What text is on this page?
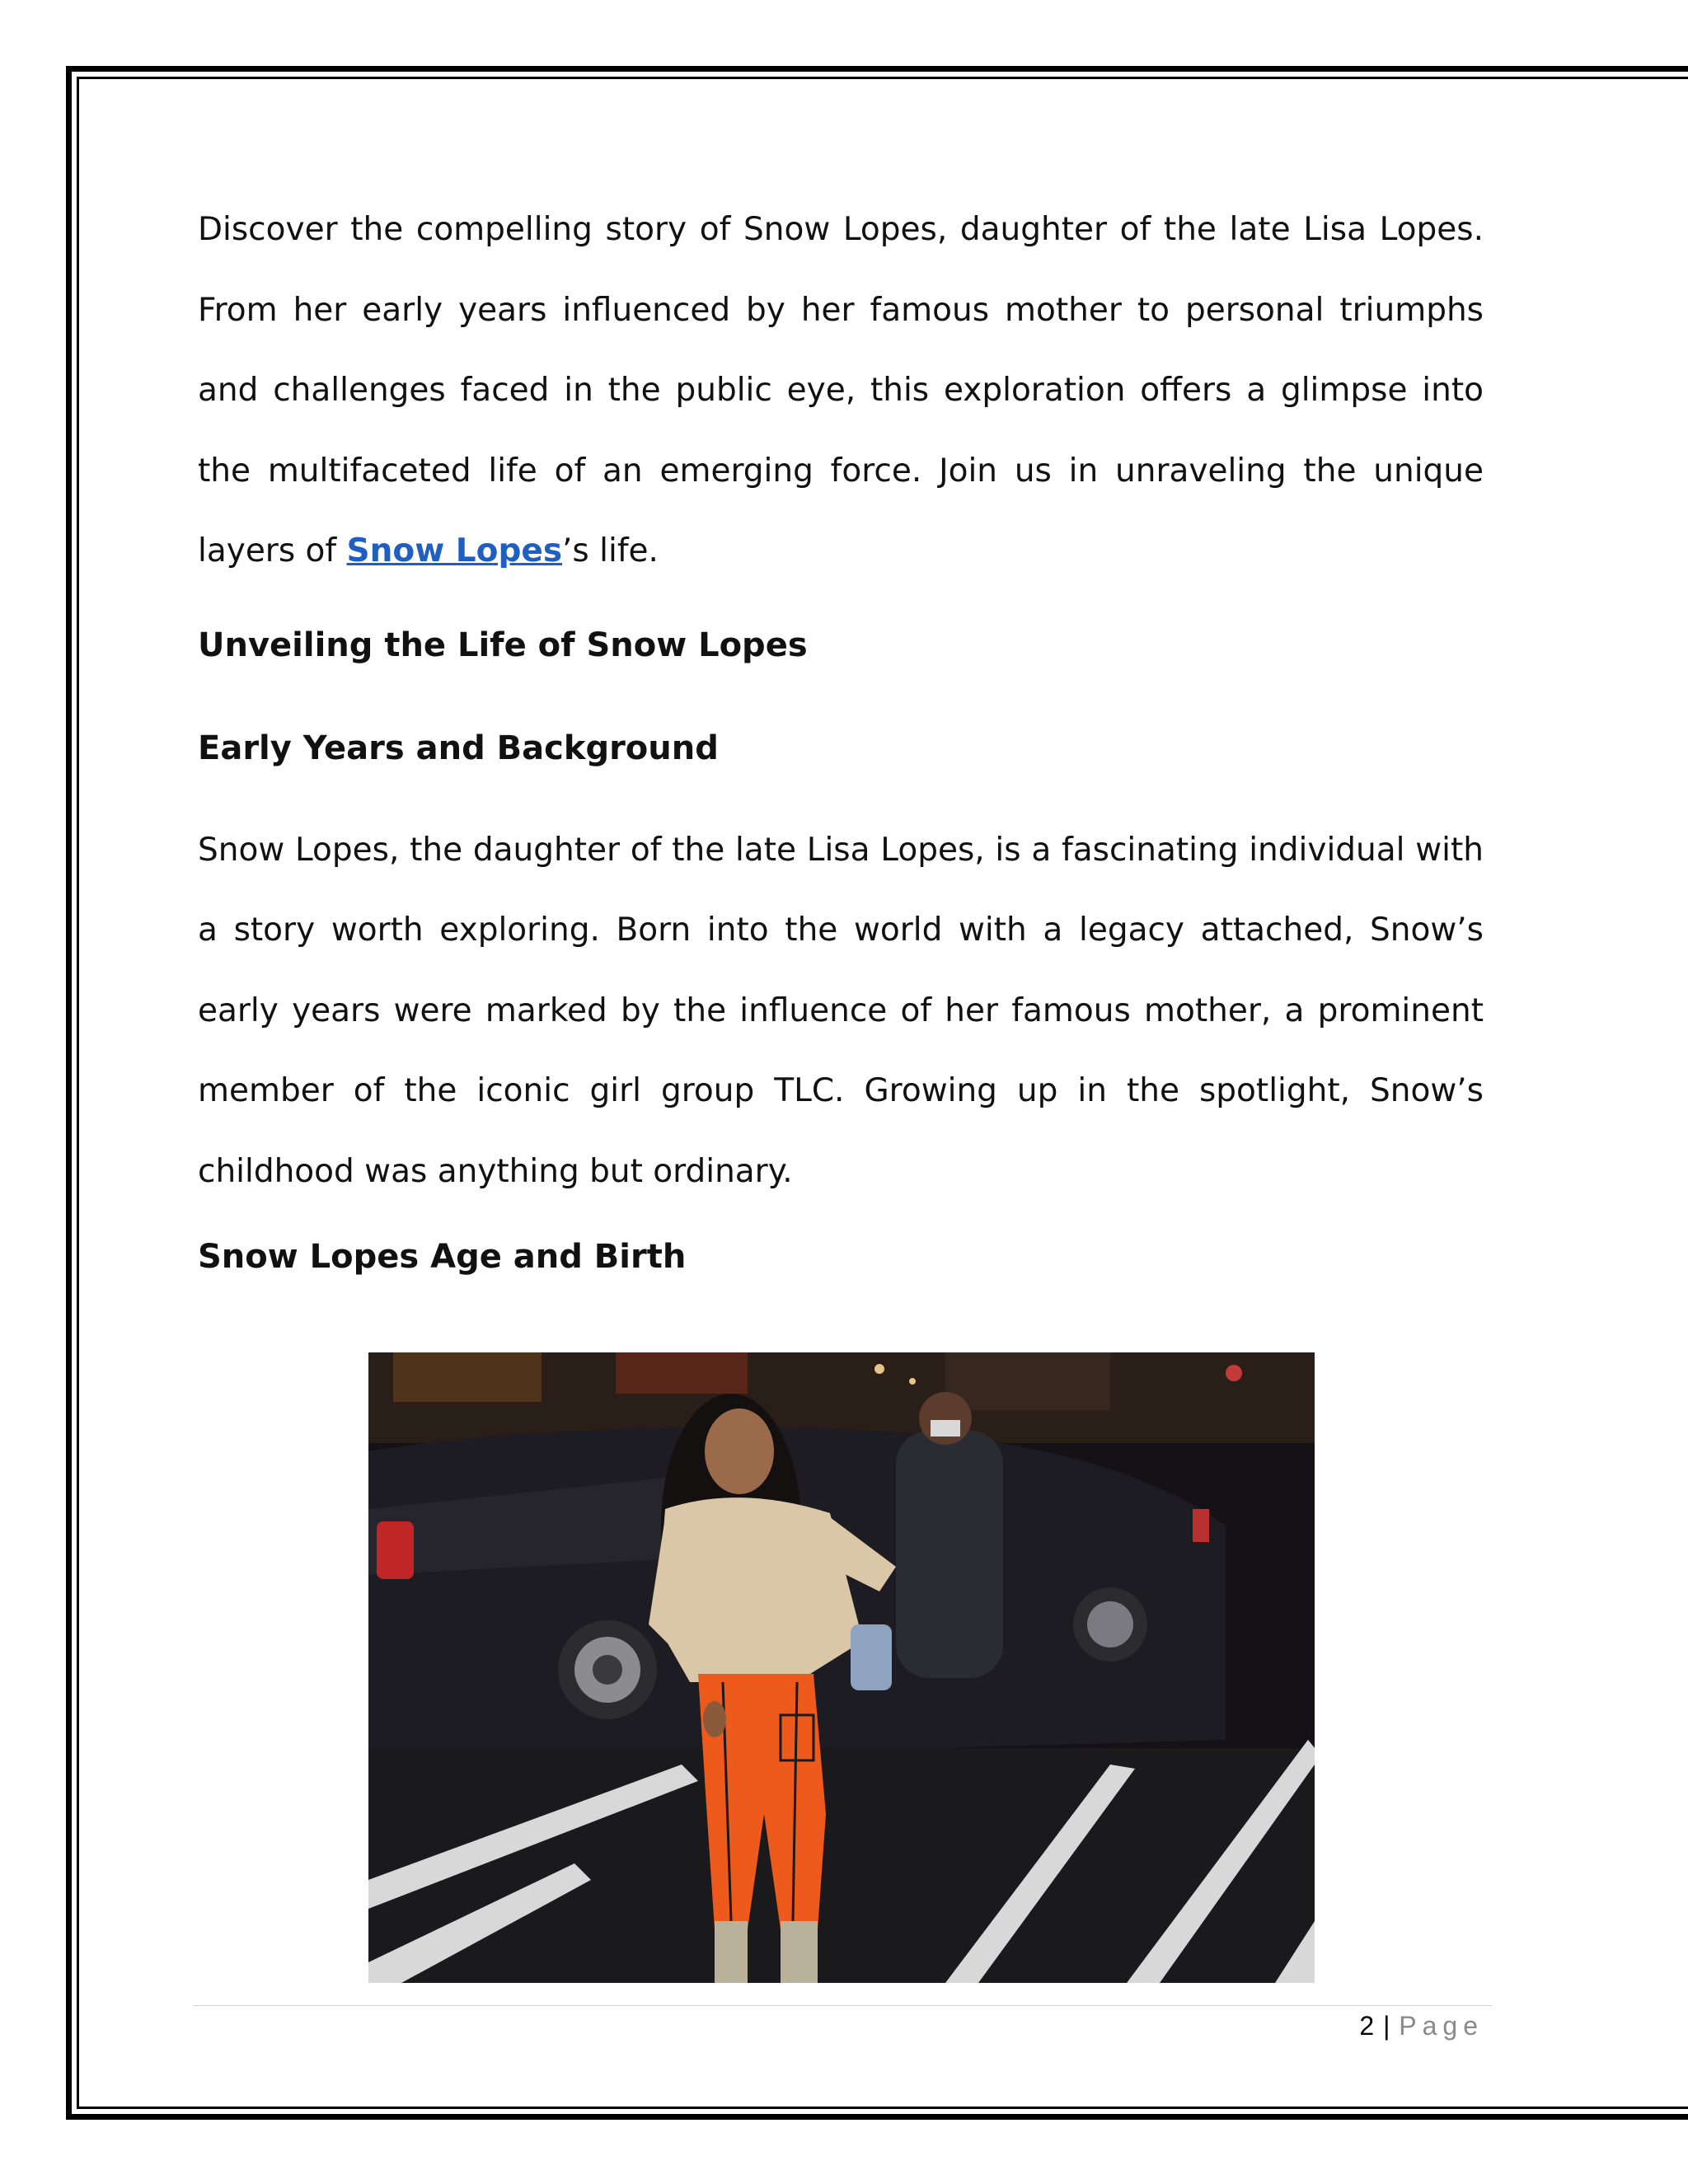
Discover the compelling story of Snow Lopes, daughter of the late Lisa Lopes. From her early years influenced by her famous mother to personal triumphs and challenges faced in the public eye, this exploration offers a glimpse into the multifaceted life of an emerging force. Join us in unraveling the unique layers of Snow Lopes’s life.

Unveiling the Life of Snow Lopes
Early Years and Background

Snow Lopes, the daughter of the late Lisa Lopes, is a fascinating individual with a story worth exploring. Born into the world with a legacy attached, Snow’s early years were marked by the influence of her famous mother, a prominent member of the iconic girl group TLC. Growing up in the spotlight, Snow’s childhood was anything but ordinary.

Snow Lopes Age and Birth
2 | Page
